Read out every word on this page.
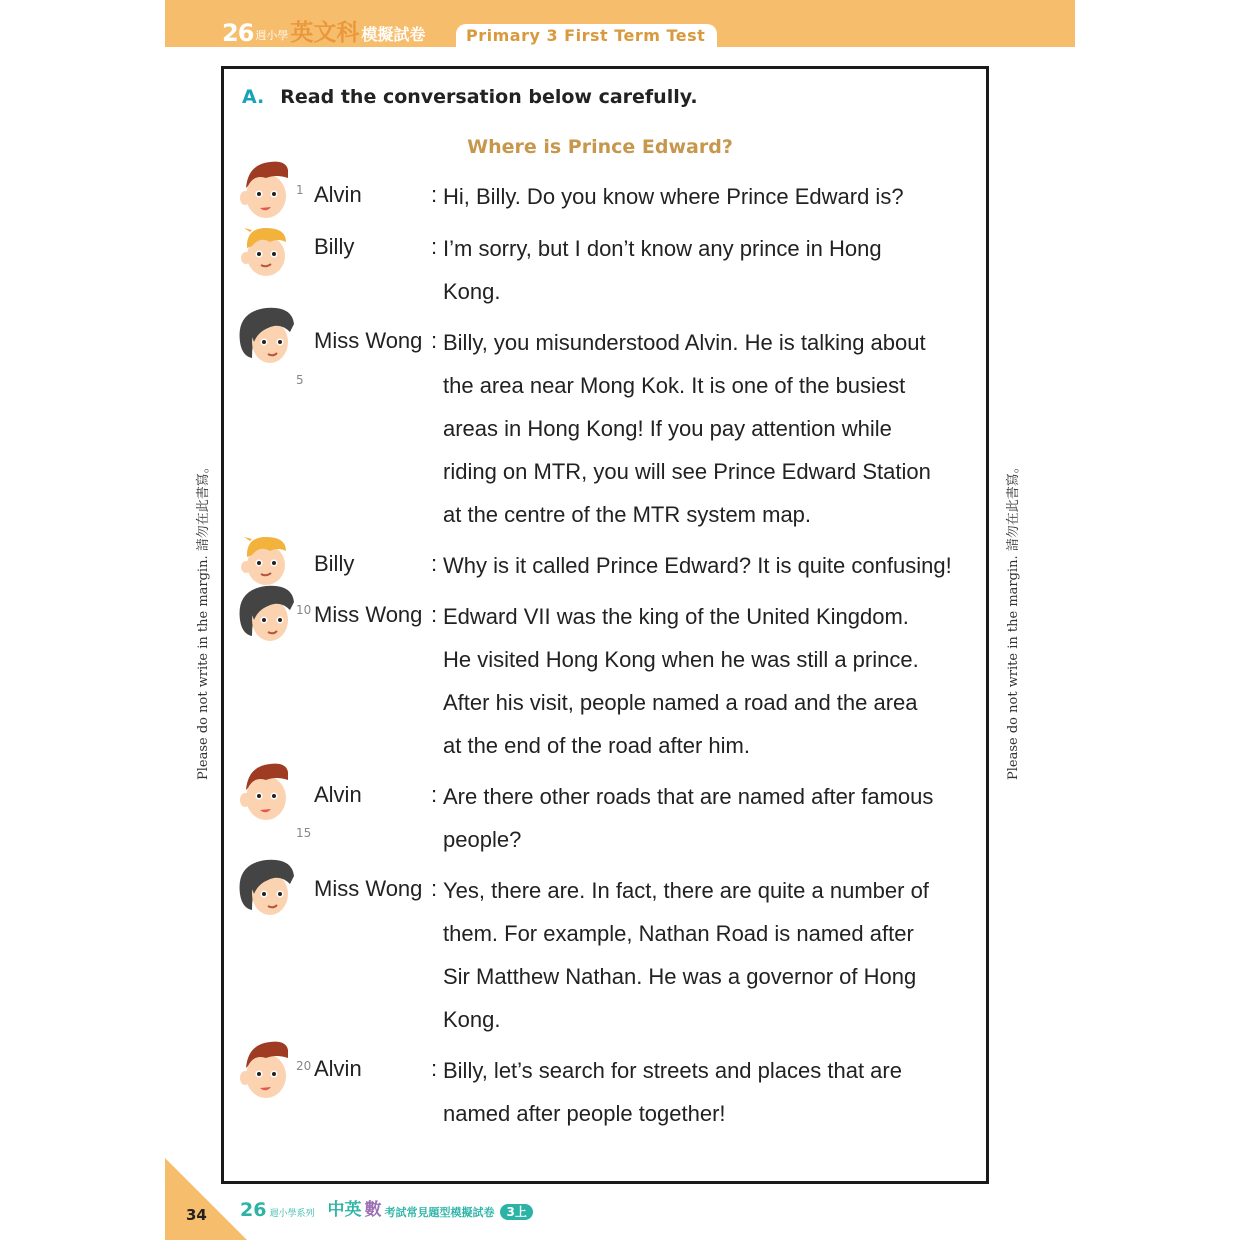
26 週小學 英文科 模擬試卷	Primary 3 First Term Test
A. Read the conversation below carefully.
Where is Prince Edward?
1 Alvin	: Hi, Billy. Do you know where Prince Edward is?
Billy	: I’m sorry, but I don’t know any prince in Hong
Kong.
5
Miss Wong : Billy, you misunderstood Alvin. He is talking about
the area near Mong Kok. It is one of the busiest
areas in Hong Kong! If you pay attention while
riding on MTR, you will see Prince Edward Station
at the centre of the MTR system map.
Billy	: Why is it called Prince Edward? It is quite confusing!
10 Miss Wong : Edward VII was the king of the United Kingdom.
He visited Hong Kong when he was still a prince.
After his visit, people named a road and the area
at the end of the road after him.
15
Alvin	: Are there other roads that are named after famous
people?
Miss Wong : Yes, there are. In fact, there are quite a number of
them. For example, Nathan Road is named after
Sir Matthew Nathan. He was a governor of Hong
Kong.
20 Alvin	: Billy, let’s search for streets and places that are
named after people together!
Please do not write in the margin. 請勿在此書寫。	Please do not write in the margin. 請勿在此書寫。
34 26 週小學系列 中英 數 考試常見題型模擬試卷	3上
